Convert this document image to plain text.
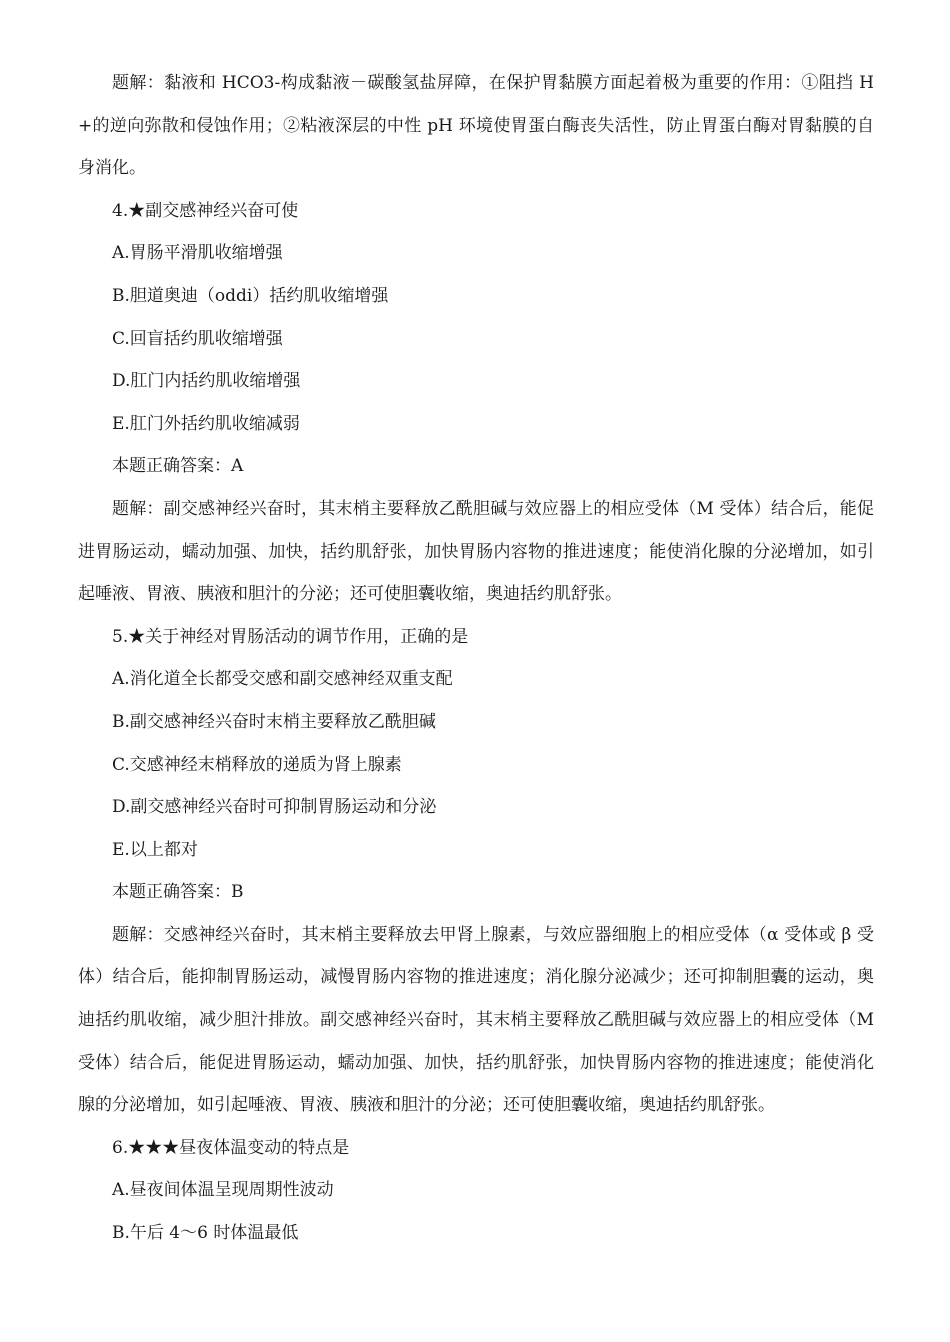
题解：黏液和 HCO3-构成黏液－碳酸氢盐屏障，在保护胃黏膜方面起着极为重要的作用：①阻挡 H+的逆向弥散和侵蚀作用；②粘液深层的中性 pH 环境使胃蛋白酶丧失活性，防止胃蛋白酶对胃黏膜的自身消化。

4.★副交感神经兴奋可使

A.胃肠平滑肌收缩增强

B.胆道奥迪（oddi）括约肌收缩增强

C.回盲括约肌收缩增强

D.肛门内括约肌收缩增强

E.肛门外括约肌收缩减弱

本题正确答案：A

题解：副交感神经兴奋时，其末梢主要释放乙酰胆碱与效应器上的相应受体（M 受体）结合后，能促进胃肠运动，蠕动加强、加快，括约肌舒张，加快胃肠内容物的推进速度；能使消化腺的分泌增加，如引起唾液、胃液、胰液和胆汁的分泌；还可使胆囊收缩，奥迪括约肌舒张。

5.★关于神经对胃肠活动的调节作用，正确的是

A.消化道全长都受交感和副交感神经双重支配

B.副交感神经兴奋时末梢主要释放乙酰胆碱

C.交感神经末梢释放的递质为肾上腺素

D.副交感神经兴奋时可抑制胃肠运动和分泌

E.以上都对

本题正确答案：B

题解：交感神经兴奋时，其末梢主要释放去甲肾上腺素，与效应器细胞上的相应受体（α 受体或 β 受体）结合后，能抑制胃肠运动，减慢胃肠内容物的推进速度；消化腺分泌减少；还可抑制胆囊的运动，奥迪括约肌收缩，减少胆汁排放。副交感神经兴奋时，其末梢主要释放乙酰胆碱与效应器上的相应受体（M 受体）结合后，能促进胃肠运动，蠕动加强、加快，括约肌舒张，加快胃肠内容物的推进速度；能使消化腺的分泌增加，如引起唾液、胃液、胰液和胆汁的分泌；还可使胆囊收缩，奥迪括约肌舒张。

6.★★★昼夜体温变动的特点是

A.昼夜间体温呈现周期性波动

B.午后 4～6 时体温最低
